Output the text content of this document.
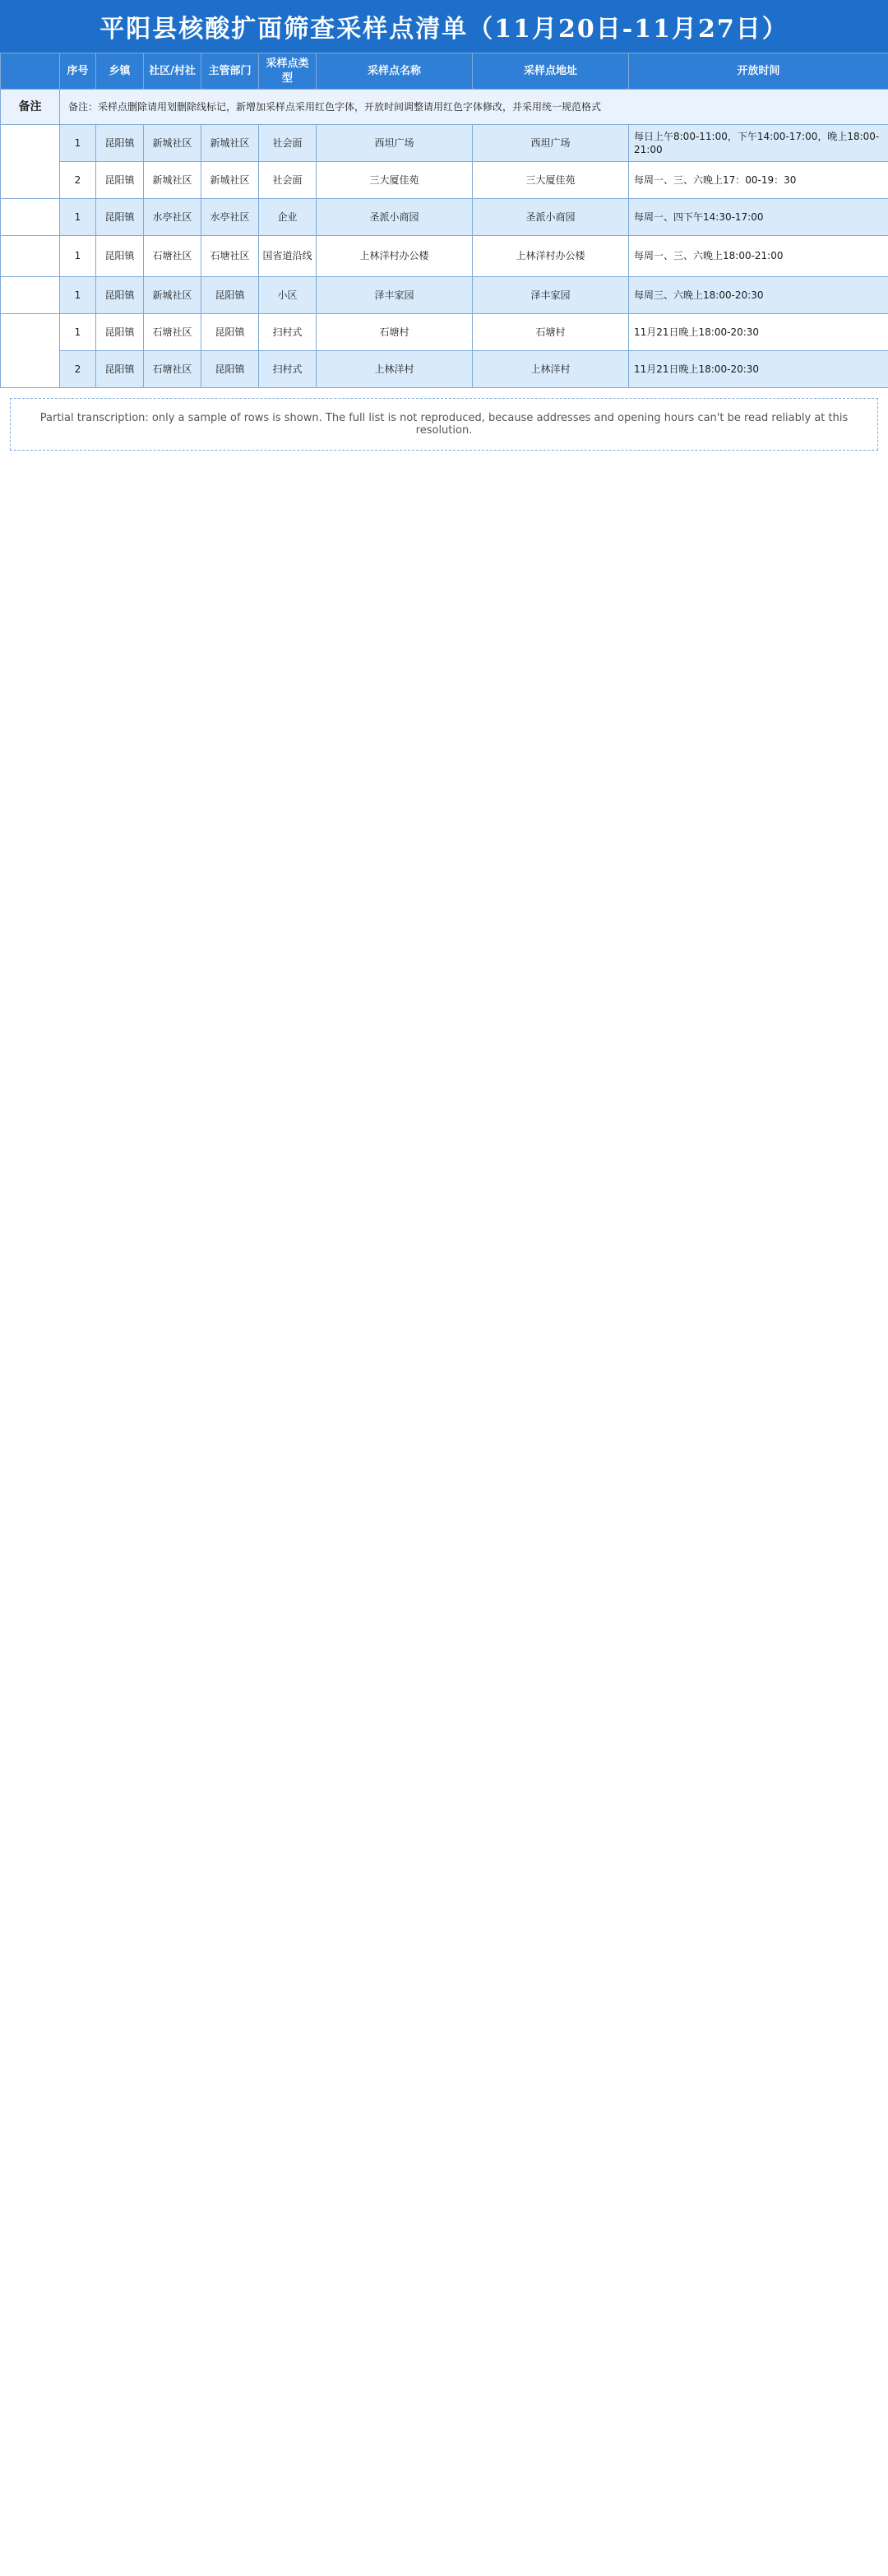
平阳县核酸扩面筛查采样点清单（11月20日-11月27日）
	序号	乡镇	社区/村社	主管部门	采样点类型	采样点名称	采样点地址	开放时间
备注	备注：采样点删除请用划删除线标记，新增加采样点采用红色字体，开放时间调整请用红色字体修改，并采用统一规范格式							
社会面	1	昆阳镇	新城社区	新城社区	社会面	西坦广场	西坦广场	每日上午8:00-11:00，下午14:00-17:00，晚上18:00-21:00
	2	昆阳镇	新城社区	新城社区	社会面	三大厦佳苑	三大厦佳苑	每周一、三、六晚上17：00-19：30
企业	1	昆阳镇	水亭社区	水亭社区	企业	圣派小商园	圣派小商园	每周一、四下午14:30-17:00
国省道沿线	1	昆阳镇	石塘社区	石塘社区	国省道沿线	上林洋村办公楼	上林洋村办公楼	每周一、三、六晚上18:00-21:00
小区	1	昆阳镇	新城社区	昆阳镇	小区	泽丰家园	泽丰家园	每周三、六晚上18:00-20:30
"扫村式"采样点	1	昆阳镇	石塘社区	昆阳镇	扫村式	石塘村	石塘村	11月21日晚上18:00-20:30
	2	昆阳镇	石塘社区	昆阳镇	扫村式	上林洋村	上林洋村	11月21日晚上18:00-20:30
Partial transcription: only a sample of rows is shown. The full list is not reproduced, because addresses and opening hours can't be read reliably at this resolution.
